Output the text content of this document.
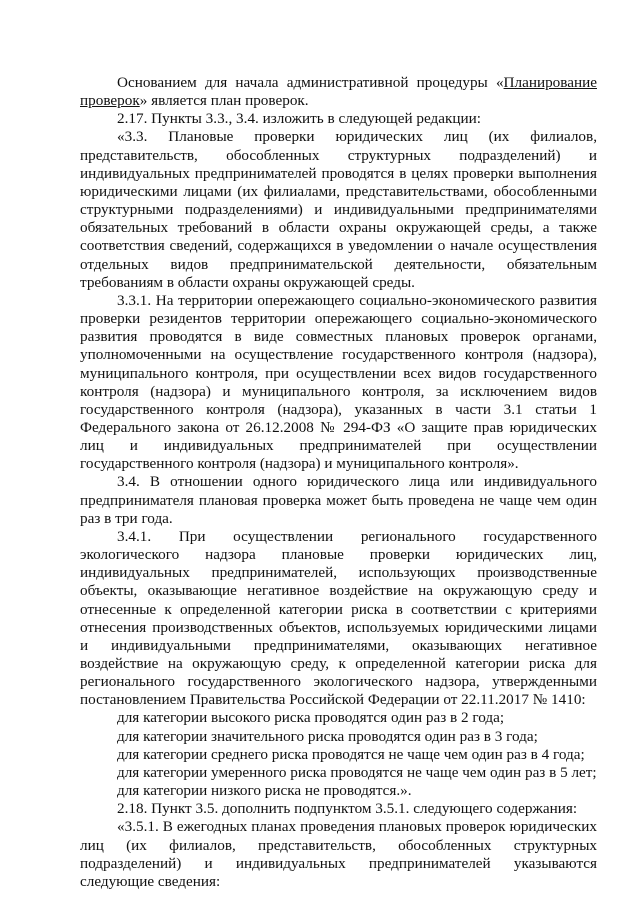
Основанием для начала административной процедуры «Планирование проверок» является план проверок.

2.17. Пункты 3.3., 3.4. изложить в следующей редакции:

«3.3. Плановые проверки юридических лиц (их филиалов, представительств, обособленных структурных подразделений) и индивидуальных предпринимателей проводятся в целях проверки выполнения юридическими лицами (их филиалами, представительствами, обособленными структурными подразделениями) и индивидуальными предпринимателями обязательных требований в области охраны окружающей среды, а также соответствия сведений, содержащихся в уведомлении о начале осуществления отдельных видов предпринимательской деятельности, обязательным требованиям в области охраны окружающей среды.

3.3.1. На территории опережающего социально-экономического развития проверки резидентов территории опережающего социально-экономического развития проводятся в виде совместных плановых проверок органами, уполномоченными на осуществление государственного контроля (надзора), муниципального контроля, при осуществлении всех видов государственного контроля (надзора) и муниципального контроля, за исключением видов государственного контроля (надзора), указанных в части 3.1 статьи 1 Федерального закона от 26.12.2008 № 294-ФЗ «О защите прав юридических лиц и индивидуальных предпринимателей при осуществлении государственного контроля (надзора) и муниципального контроля».

3.4. В отношении одного юридического лица или индивидуального предпринимателя плановая проверка может быть проведена не чаще чем один раз в три года.

3.4.1. При осуществлении регионального государственного экологического надзора плановые проверки юридических лиц, индивидуальных предпринимателей, использующих производственные объекты, оказывающие негативное воздействие на окружающую среду и отнесенные к определенной категории риска в соответствии с критериями отнесения производственных объектов, используемых юридическими лицами и индивидуальными предпринимателями, оказывающих негативное воздействие на окружающую среду, к определенной категории риска для регионального государственного экологического надзора, утвержденными постановлением Правительства Российской Федерации от 22.11.2017 № 1410:

для категории высокого риска проводятся один раз в 2 года;

для категории значительного риска проводятся один раз в 3 года;

для категории среднего риска проводятся не чаще чем один раз в 4 года;

для категории умеренного риска проводятся не чаще чем один раз в 5 лет;

для категории низкого риска не проводятся.».

2.18. Пункт 3.5. дополнить подпунктом 3.5.1. следующего содержания:

«3.5.1. В ежегодных планах проведения плановых проверок юридических лиц (их филиалов, представительств, обособленных структурных подразделений) и индивидуальных предпринимателей указываются следующие сведения:
